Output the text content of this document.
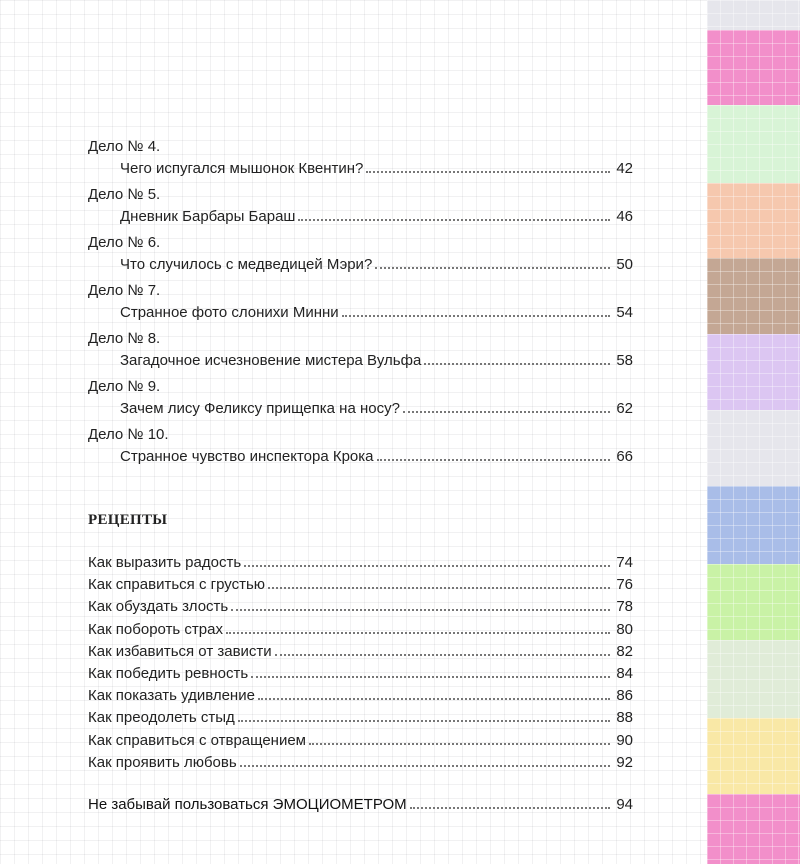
Дело № 4.
Чего испугался мышонок Квентин?	42
Дело № 5.
Дневник Барбары Бараш	46
Дело № 6.
Что случилось с медведицей Мэри?	50
Дело № 7.
Странное фото слонихи Минни	54
Дело № 8.
Загадочное исчезновение мистера Вульфа	58
Дело № 9.
Зачем лису Феликсу прищепка на носу?	62
Дело № 10.
Странное чувство инспектора Крока	66
РЕЦЕПТЫ
Как выразить радость	74
Как справиться с грустью	76
Как обуздать злость	78
Как побороть страх	80
Как избавиться от зависти	82
Как победить ревность	84
Как показать удивление	86
Как преодолеть стыд	88
Как справиться с отвращением	90
Как проявить любовь	92
Не забывай пользоваться ЭМОЦИОМЕТРОМ	94
